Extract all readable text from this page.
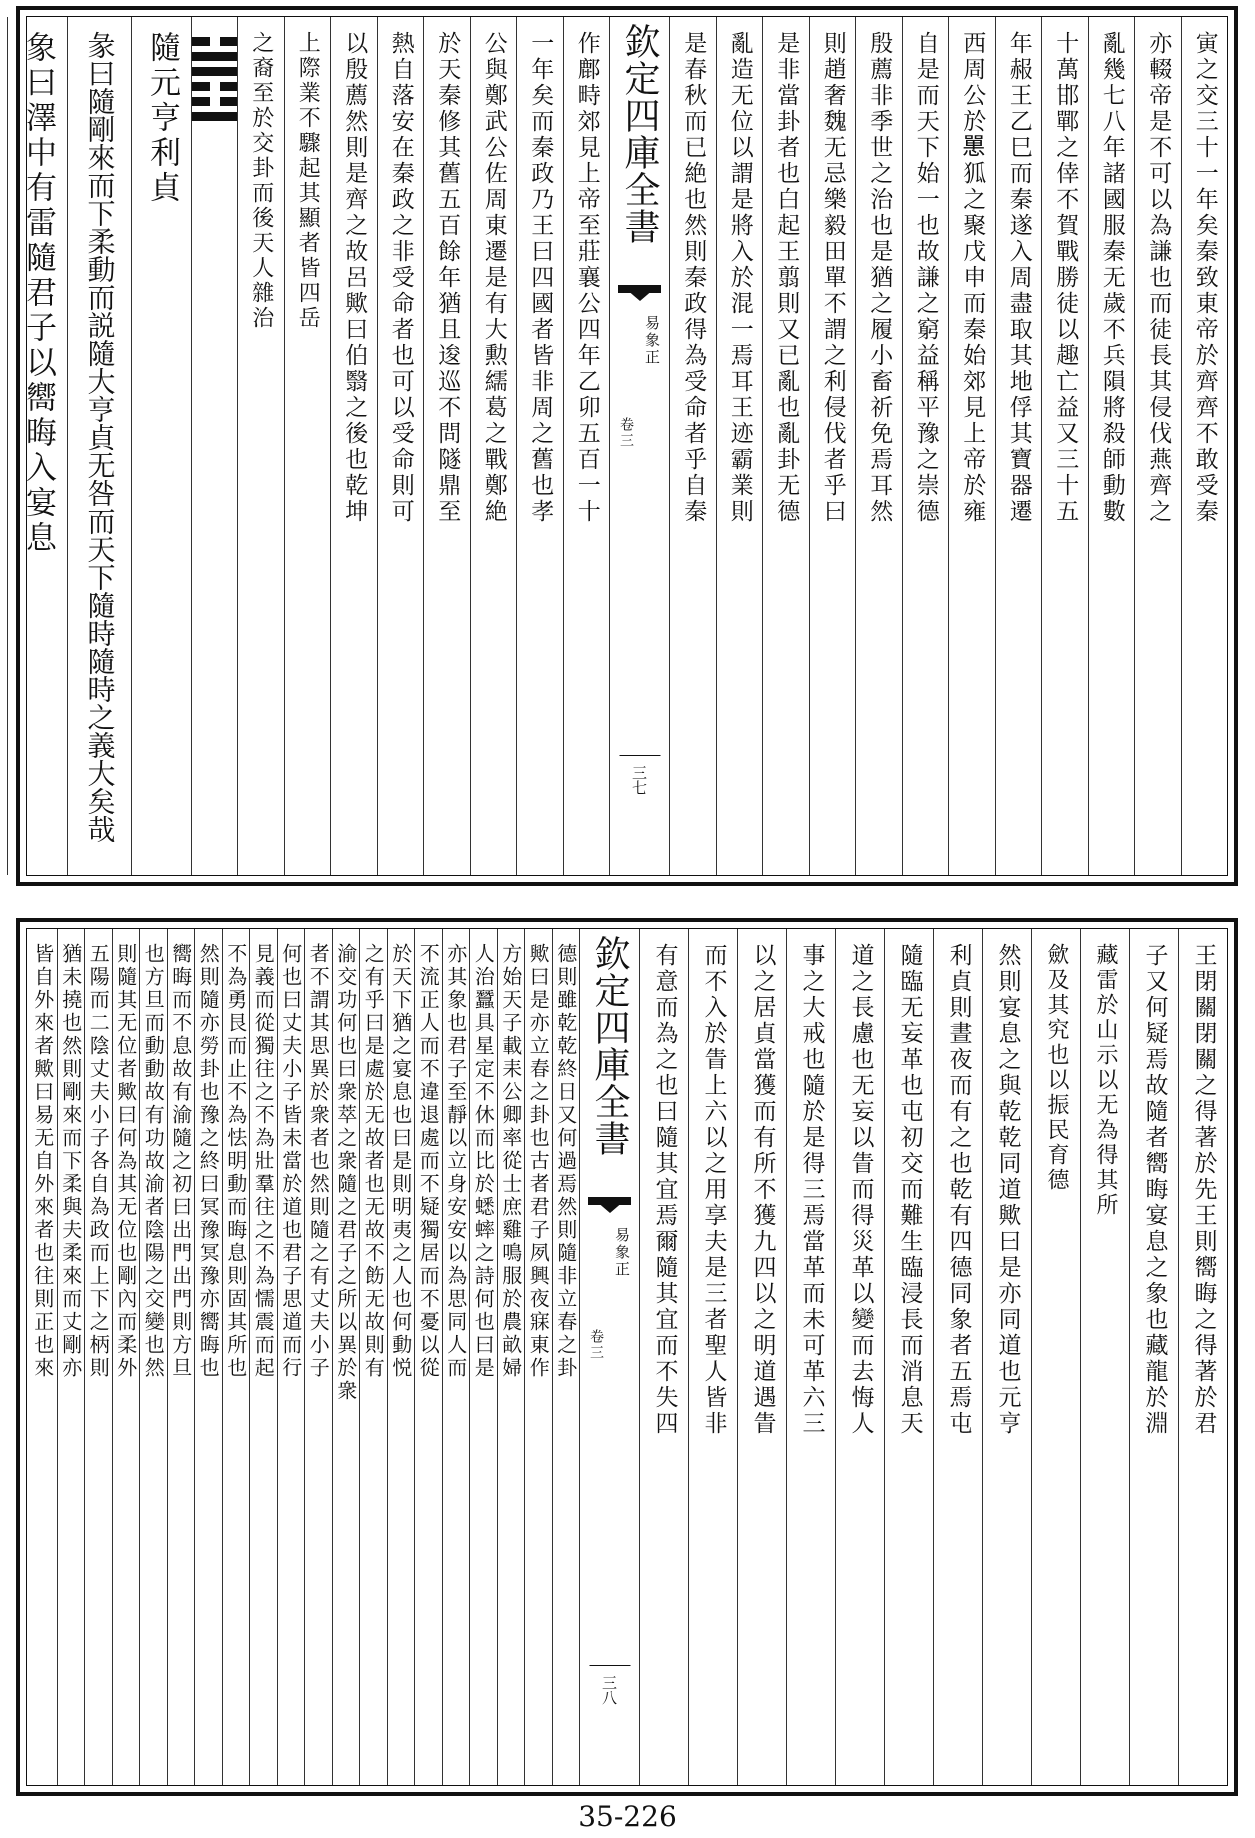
寅之交三十一年矣秦致東帝於齊齊不敢受秦
亦輟帝是不可以為謙也而徒長其侵伐燕齊之
亂幾七八年諸國服秦无歲不兵隕將殺師動數
十萬邯鄲之倖不賀戰勝徒以趣亡益又三十五
年赧王乙巳而秦遂入周盡取其地俘其寶器遷
西周公於𢠸狐之聚戊申而秦始郊見上帝於雍
自是而天下始一也故謙之窮益稱平豫之崇德
殷薦非季世之治也是猶之履小畜祈免焉耳然
則趙奢魏无忌樂毅田單不謂之利侵伐者乎曰
是非當卦者也白起王翦則又已亂也亂卦无德
亂造无位以謂是將入於混一焉耳王迹霸業則
是春秋而已絶也然則秦政得為受命者乎自秦
欽定四庫全書
易象正
卷三
三七
作鄜畤郊見上帝至莊襄公四年乙卯五百一十
一年矣而秦政乃王曰四國者皆非周之舊也孝
公與鄭武公佐周東遷是有大勲繻葛之戰鄭絶
於天秦修其舊五百餘年猶且逡巡不問隧鼎至
熱自落安在秦政之非受命者也可以受命則可
以殷薦然則是齊之故呂歟曰伯翳之後也乾坤
上際業不驟起其顯者皆四岳
之裔至於交卦而後天人雜治
隨元亨利貞
彖曰隨剛來而下柔動而説隨大亨貞无咎而天下隨時隨時之義大矣哉
象曰澤中有雷隨君子以嚮晦入宴息
王閉關閉關之得著於先王則嚮晦之得著於君
子又何疑焉故隨者嚮晦宴息之象也藏龍於淵
藏雷於山示以无為得其所
歛及其究也以振民育德
然則宴息之與乾乾同道歟曰是亦同道也元亨
利貞則晝夜而有之也乾有四德同象者五焉屯
隨臨无妄革也屯初交而難生臨浸長而消息天
道之長慮也无妄以眚而得災革以變而去悔人
事之大戒也隨於是得三焉當革而未可革六三
以之居貞當獲而有所不獲九四以之明道遇眚
而不入於眚上六以之用享夫是三者聖人皆非
有意而為之也曰隨其宜焉爾隨其宜而不失四
欽定四庫全書
易象正
卷三
三八
德則雖乾乾終日又何過焉然則隨非立春之卦
歟曰是亦立春之卦也古者君子夙興夜寐東作
方始天子載耒公卿率從士庶雞鳴服於農畝婦
人治蠶具星定不休而比於蟋蟀之詩何也曰是
亦其象也君子至靜以立身安安以為思同人而
不流正人而不違退處而不疑獨居而不憂以從
於天下猶之宴息也曰是則明夷之人也何動悦
之有乎曰是處於无故者也无故不飭无故則有
渝交功何也曰衆萃之衆隨之君子之所以異於衆
者不謂其思異於衆者也然則隨之有丈夫小子
何也曰丈夫小子皆未當於道也君子思道而行
見義而從獨往之不為壯羣往之不為懦震而起
不為勇艮而止不為怯明動而晦息則固其所也
然則隨亦勞卦也豫之終曰冥豫冥豫亦嚮晦也
嚮晦而不息故有渝隨之初曰出門出門則方旦
也方旦而動動故有功故渝者陰陽之交變也然
則隨其无位者歟曰何為其无位也剛內而柔外
五陽而二陰丈夫小子各自為政而上下之柄則
猶未撓也然則剛來而下柔與夫柔來而丈剛亦
皆自外來者歟曰易无自外來者也往則正也來
35-226
